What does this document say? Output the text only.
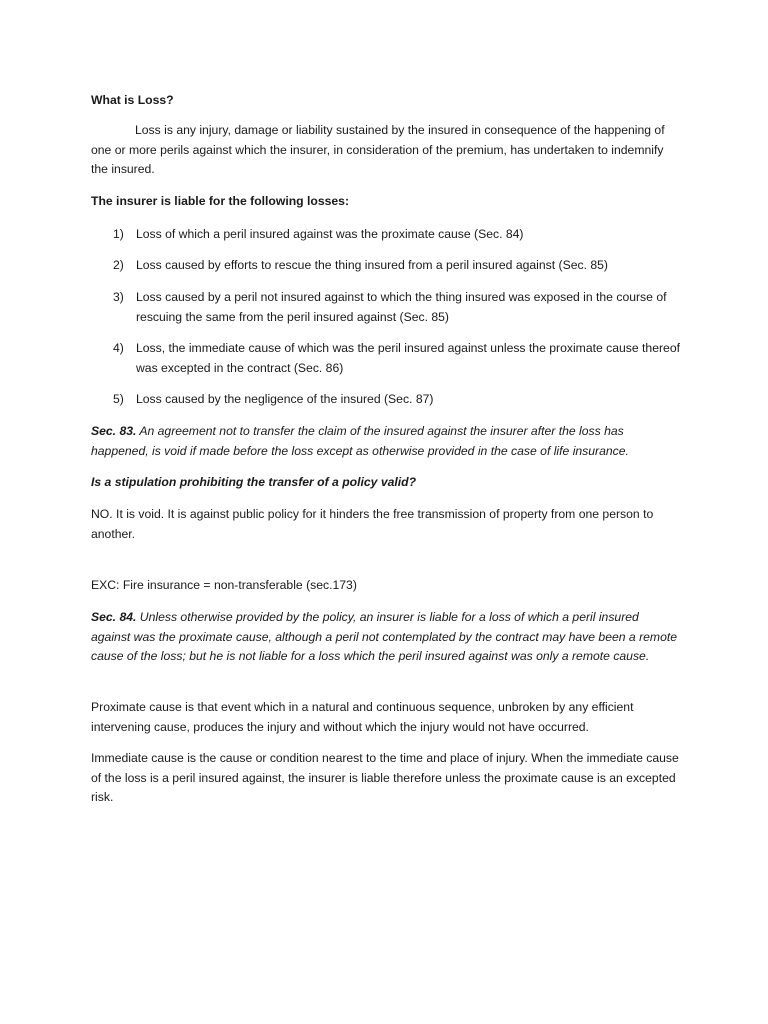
What is Loss?

Loss is any injury, damage or liability sustained by the insured in consequence of the happening of one or more perils against which the insurer, in consideration of the premium, has undertaken to indemnify the insured.

The insurer is liable for the following losses:

1) Loss of which a peril insured against was the proximate cause (Sec. 84)
2) Loss caused by efforts to rescue the thing insured from a peril insured against (Sec. 85)
3) Loss caused by a peril not insured against to which the thing insured was exposed in the course of rescuing the same from the peril insured against (Sec. 85)
4) Loss, the immediate cause of which was the peril insured against unless the proximate cause thereof was excepted in the contract (Sec. 86)
5) Loss caused by the negligence of the insured (Sec. 87)

Sec. 83. An agreement not to transfer the claim of the insured against the insurer after the loss has happened, is void if made before the loss except as otherwise provided in the case of life insurance.

Is a stipulation prohibiting the transfer of a policy valid?

NO. It is void. It is against public policy for it hinders the free transmission of property from one person to another.

EXC: Fire insurance = non-transferable (sec.173)

Sec. 84. Unless otherwise provided by the policy, an insurer is liable for a loss of which a peril insured against was the proximate cause, although a peril not contemplated by the contract may have been a remote cause of the loss; but he is not liable for a loss which the peril insured against was only a remote cause.

Proximate cause is that event which in a natural and continuous sequence, unbroken by any efficient intervening cause, produces the injury and without which the injury would not have occurred.

Immediate cause is the cause or condition nearest to the time and place of injury. When the immediate cause of the loss is a peril insured against, the insurer is liable therefore unless the proximate cause is an excepted risk.
